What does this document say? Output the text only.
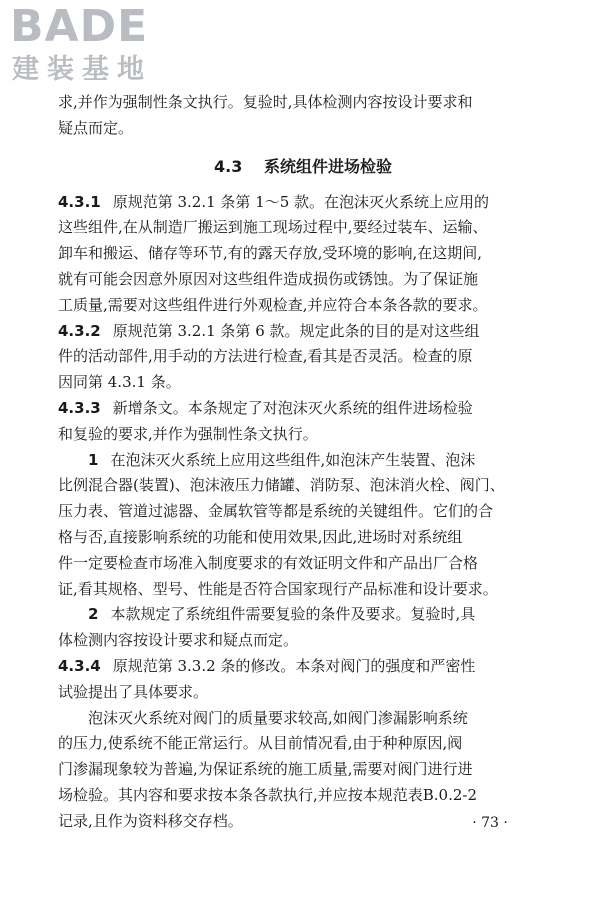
BADE
建装基地

求,并作为强制性条文执行。复验时,具体检测内容按设计要求和
疑点而定。

4.3 系统组件进场检验

4.3.1 原规范第 3.2.1 条第 1～5 款。在泡沫灭火系统上应用的
这些组件,在从制造厂搬运到施工现场过程中,要经过装车、运输、
卸车和搬运、储存等环节,有的露天存放,受环境的影响,在这期间,
就有可能会因意外原因对这些组件造成损伤或锈蚀。为了保证施
工质量,需要对这些组件进行外观检查,并应符合本条各款的要求。

4.3.2 原规范第 3.2.1 条第 6 款。规定此条的目的是对这些组
件的活动部件,用手动的方法进行检查,看其是否灵活。检查的原
因同第 4.3.1 条。

4.3.3 新增条文。本条规定了对泡沫灭火系统的组件进场检验
和复验的要求,并作为强制性条文执行。

1 在泡沫灭火系统上应用这些组件,如泡沫产生装置、泡沫
比例混合器(装置)、泡沫液压力储罐、消防泵、泡沫消火栓、阀门、
压力表、管道过滤器、金属软管等都是系统的关键组件。它们的合
格与否,直接影响系统的功能和使用效果,因此,进场时对系统组
件一定要检查市场准入制度要求的有效证明文件和产品出厂合格
证,看其规格、型号、性能是否符合国家现行产品标准和设计要求。

2 本款规定了系统组件需要复验的条件及要求。复验时,具
体检测内容按设计要求和疑点而定。

4.3.4 原规范第 3.3.2 条的修改。本条对阀门的强度和严密性
试验提出了具体要求。

泡沫灭火系统对阀门的质量要求较高,如阀门渗漏影响系统
的压力,使系统不能正常运行。从目前情况看,由于种种原因,阀
门渗漏现象较为普遍,为保证系统的施工质量,需要对阀门进行进
场检验。其内容和要求按本条各款执行,并应按本规范表B.0.2-2
记录,且作为资料移交存档。	· 73 ·
